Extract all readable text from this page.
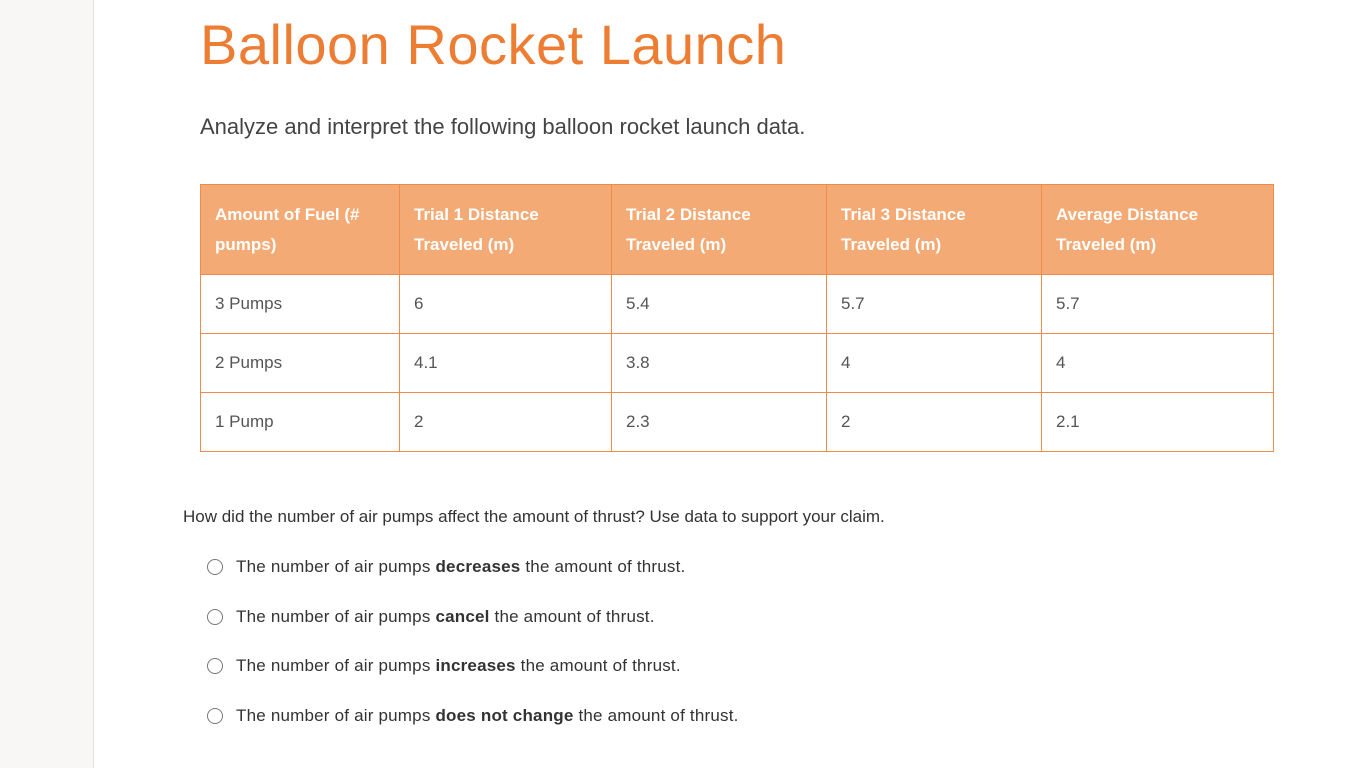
Balloon Rocket Launch
Analyze and interpret the following balloon rocket launch data.
Amount of Fuel (# pumps)	Trial 1 Distance Traveled (m)	Trial 2 Distance Traveled (m)	Trial 3 Distance Traveled (m)	Average Distance Traveled (m)
3 Pumps	6	5.4	5.7	5.7
2 Pumps	4.1	3.8	4	4
1 Pump	2	2.3	2	2.1
How did the number of air pumps affect the amount of thrust? Use data to support your claim.
The number of air pumps decreases the amount of thrust.
The number of air pumps cancel the amount of thrust.
The number of air pumps increases the amount of thrust.
The number of air pumps does not change the amount of thrust.
